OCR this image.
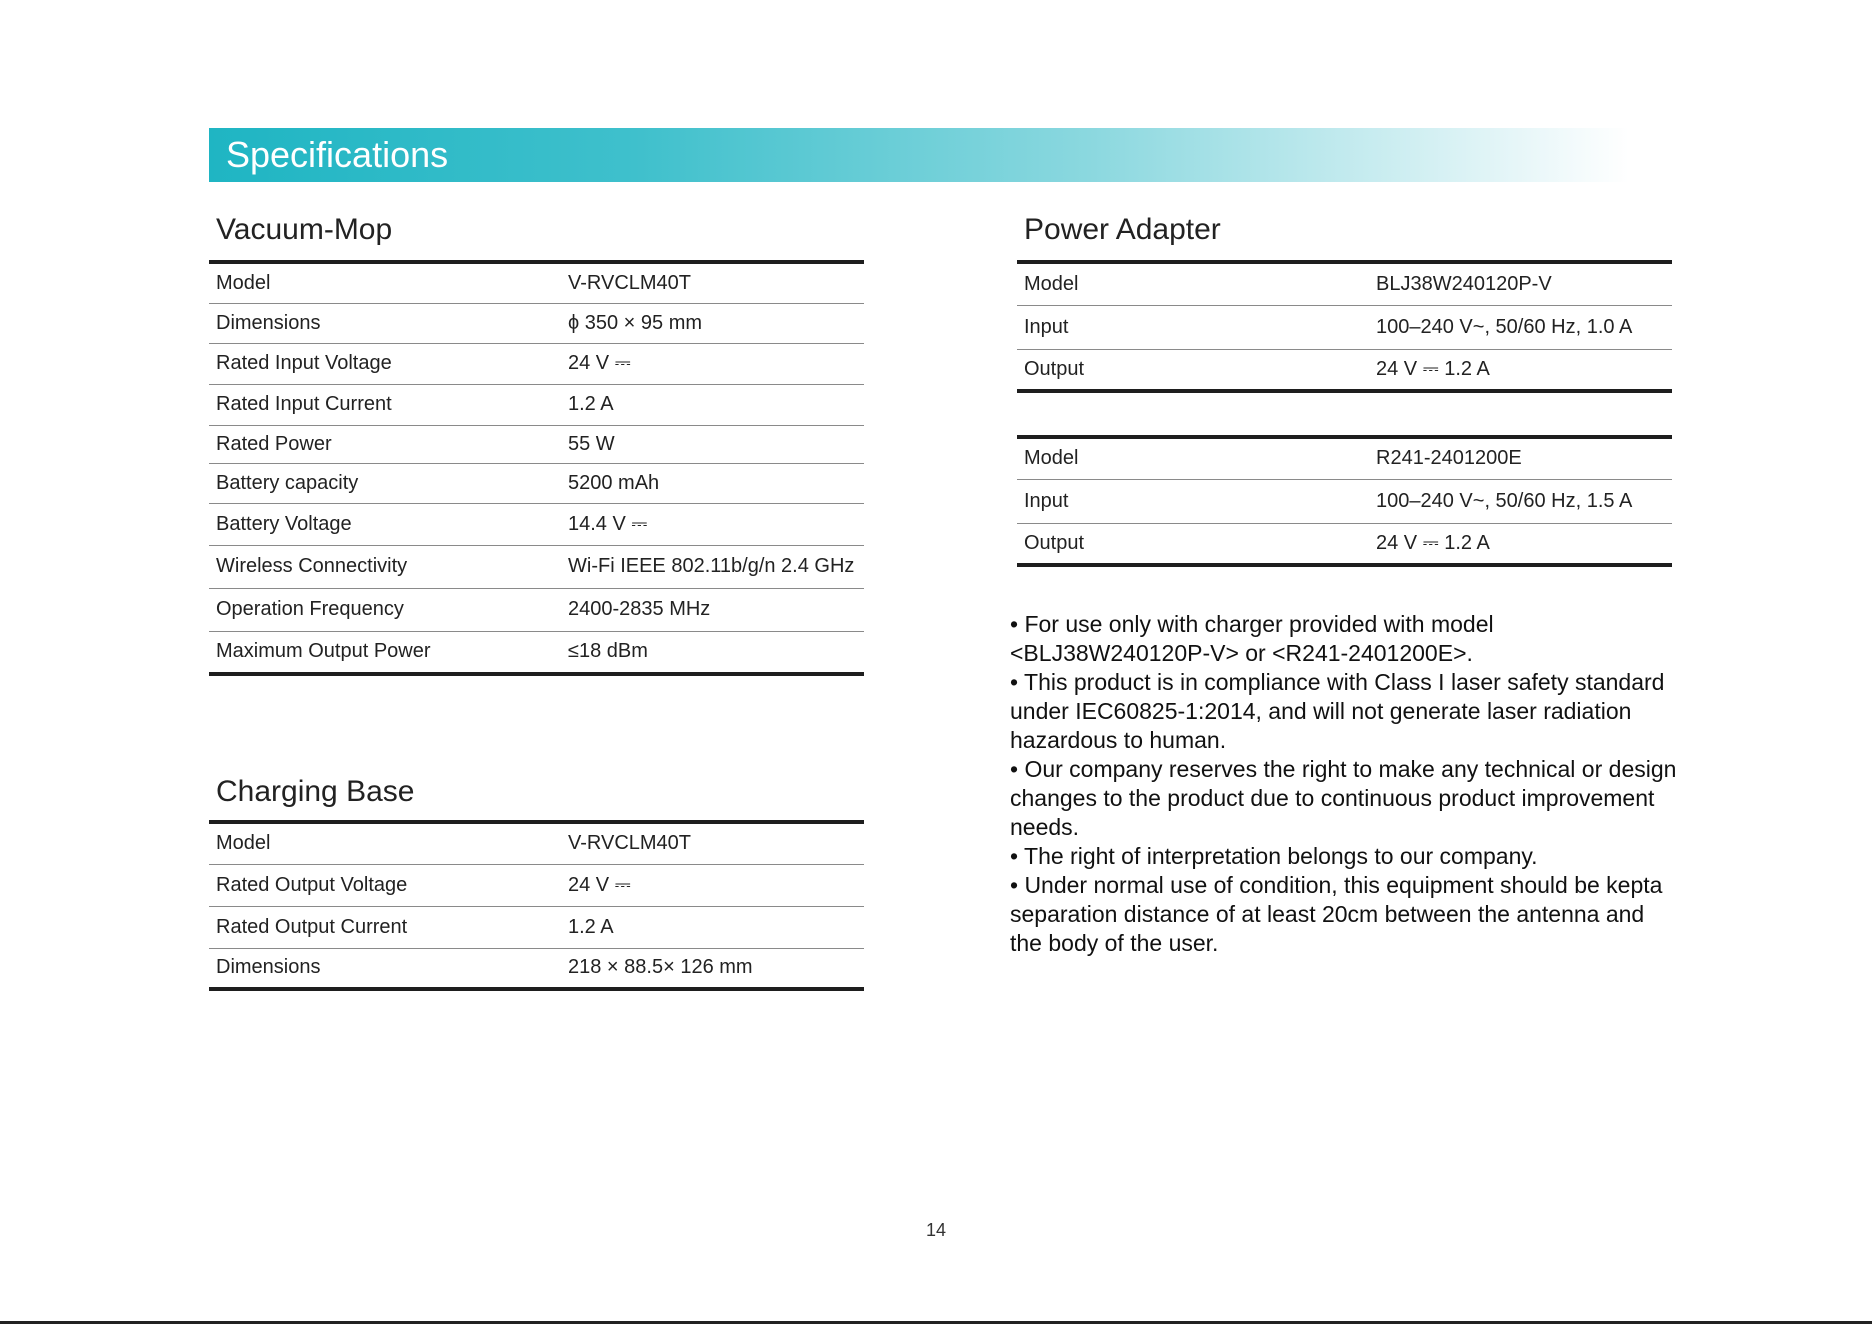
Specifications
Vacuum-Mop
Model	V-RVCLM40T
Dimensions	ϕ 350 × 95 mm
Rated Input Voltage	24 V ⎓
Rated Input Current	1.2 A
Rated Power	55 W
Battery capacity	5200 mAh
Battery Voltage	14.4 V ⎓
Wireless Connectivity	Wi-Fi IEEE 802.11b/g/n 2.4 GHz
Operation Frequency	2400-2835 MHz
Maximum Output Power	≤18 dBm
Charging Base
Model	V-RVCLM40T
Rated Output Voltage	24 V ⎓
Rated Output Current	1.2 A
Dimensions	218 × 88.5× 126 mm
Power Adapter
Model	BLJ38W240120P-V
Input	100–240 V~, 50/60 Hz, 1.0 A
Output	24 V ⎓ 1.2 A
Model	R241-2401200E
Input	100–240 V~, 50/60 Hz, 1.5 A
Output	24 V ⎓ 1.2 A

• For use only with charger provided with model <BLJ38W240120P-V> or <R241-2401200E>.

• This product is in compliance with Class I laser safety standard under IEC60825-1:2014, and will not generate laser radiation hazardous to human.

• Our company reserves the right to make any technical or design changes to the product due to continuous product improvement needs.

• The right of interpretation belongs to our company.

• Under normal use of condition, this equipment should be kepta separation distance of at least 20cm between the antenna and the body of the user.

14
